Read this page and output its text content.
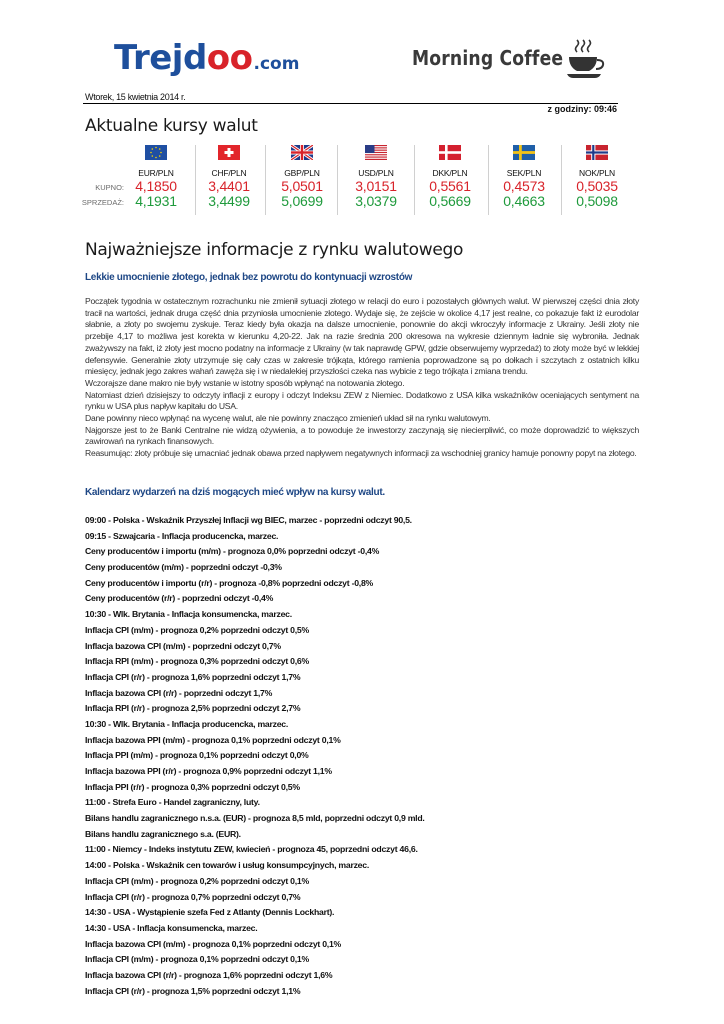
Trejdoo .com	Morning Coffee
Wtorek, 15 kwietnia 2014 r.
z godziny: 09:46
Aktualne kursy walut
KUPNO:
SPRZEDAŻ:
EUR/PLN
4,1850
4,1931
CHF/PLN
3,4401
3,4499
GBP/PLN
5,0501
5,0699
USD/PLN
3,0151
3,0379
DKK/PLN
0,5561
0,5669
SEK/PLN
0,4573
0,4663
NOK/PLN
0,5035
0,5098
Najważniejsze informacje z rynku walutowego
Lekkie umocnienie złotego, jednak bez powrotu do kontynuacji wzrostów

Początek tygodnia w ostatecznym rozrachunku nie zmienił sytuacji złotego w relacji do euro i pozostałych głównych walut. W pierwszej części dnia złoty tracił na wartości, jednak druga część dnia przyniosła umocnienie złotego. Wydaje się, że zejście w okolice 4,17 jest realne, co pokazuje fakt iż eurodolar słabnie, a złoty po swojemu zyskuje. Teraz kiedy była okazja na dalsze umocnienie, ponownie do akcji wkroczyły informacje z Ukrainy. Jeśli złoty nie przebije 4,17 to możliwa jest korekta w kierunku 4,20-22. Jak na razie średnia 200 okresowa na wykresie dziennym ładnie się wybroniła. Jednak zważywszy na fakt, iż złoty jest mocno podatny na informacje z Ukrainy (w tak naprawdę GPW, gdzie obserwujemy wyprzedaż) to złoty może być w lekkiej defensywie. Generalnie złoty utrzymuje się cały czas w zakresie trójkąta, którego ramienia poprowadzone są po dołkach i szczytach z ostatnich kilku miesięcy, jednak jego zakres wahań zawęża się i w niedalekiej przyszłości czeka nas wybicie z tego trójkąta i zmiana trendu.

Wczorajsze dane makro nie były wstanie w istotny sposób wpłynąć na notowania złotego.

Natomiast dzień dzisiejszy to odczyty inflacji z europy i odczyt Indeksu ZEW z Niemiec. Dodatkowo z USA kilka wskaźników oceniających sentyment na rynku w USA plus napływ kapitału do USA.

Dane powinny nieco wpłynąć na wycenę walut, ale nie powinny znacząco zmienień układ sił na rynku walutowym.

Najgorsze jest to że Banki Centralne nie widzą ożywienia, a to powoduje że inwestorzy zaczynają się niecierpliwić, co może doprowadzić to większych zawirowań na rynkach finansowych.

Reasumując: złoty próbuje się umacniać jednak obawa przed napływem negatywnych informacji za wschodniej granicy hamuje ponowny popyt na złotego.

Kalendarz wydarzeń na dziś mogących mieć wpływ na kursy walut.
09:00 - Polska - Wskaźnik Przyszłej Inflacji wg BIEC, marzec - poprzedni odczyt 90,5.
09:15 - Szwajcaria - Inflacja producencka, marzec.
Ceny producentów i importu (m/m) - prognoza 0,0% poprzedni odczyt -0,4%
Ceny producentów (m/m) - poprzedni odczyt -0,3%
Ceny producentów i importu (r/r) - prognoza -0,8% poprzedni odczyt -0,8%
Ceny producentów (r/r) - poprzedni odczyt -0,4%
10:30 - Wlk. Brytania - Inflacja konsumencka, marzec.
Inflacja CPI (m/m) - prognoza 0,2% poprzedni odczyt 0,5%
Inflacja bazowa CPI (m/m) - poprzedni odczyt 0,7%
Inflacja RPI (m/m) - prognoza 0,3% poprzedni odczyt 0,6%
Inflacja CPI (r/r) - prognoza 1,6% poprzedni odczyt 1,7%
Inflacja bazowa CPI (r/r) - poprzedni odczyt 1,7%
Inflacja RPI (r/r) - prognoza 2,5% poprzedni odczyt 2,7%
10:30 - Wlk. Brytania - Inflacja producencka, marzec.
Inflacja bazowa PPI (m/m) - prognoza 0,1% poprzedni odczyt 0,1%
Inflacja PPI (m/m) - prognoza 0,1% poprzedni odczyt 0,0%
Inflacja bazowa PPI (r/r) - prognoza 0,9% poprzedni odczyt 1,1%
Inflacja PPI (r/r) - prognoza 0,3% poprzedni odczyt 0,5%
11:00 - Strefa Euro - Handel zagraniczny, luty.
Bilans handlu zagranicznego n.s.a. (EUR) - prognoza 8,5 mld, poprzedni odczyt 0,9 mld.
Bilans handlu zagranicznego s.a. (EUR).
11:00 - Niemcy - Indeks instytutu ZEW, kwiecień - prognoza 45, poprzedni odczyt 46,6.
14:00 - Polska - Wskaźnik cen towarów i usług konsumpcyjnych, marzec.
Inflacja CPI (m/m) - prognoza 0,2% poprzedni odczyt 0,1%
Inflacja CPI (r/r) - prognoza 0,7% poprzedni odczyt 0,7%
14:30 - USA - Wystąpienie szefa Fed z Atlanty (Dennis Lockhart).
14:30 - USA - Inflacja konsumencka, marzec.
Inflacja bazowa CPI (m/m) - prognoza 0,1% poprzedni odczyt 0,1%
Inflacja CPI (m/m) - prognoza 0,1% poprzedni odczyt 0,1%
Inflacja bazowa CPI (r/r) - prognoza 1,6% poprzedni odczyt 1,6%
Inflacja CPI (r/r) - prognoza 1,5% poprzedni odczyt 1,1%
